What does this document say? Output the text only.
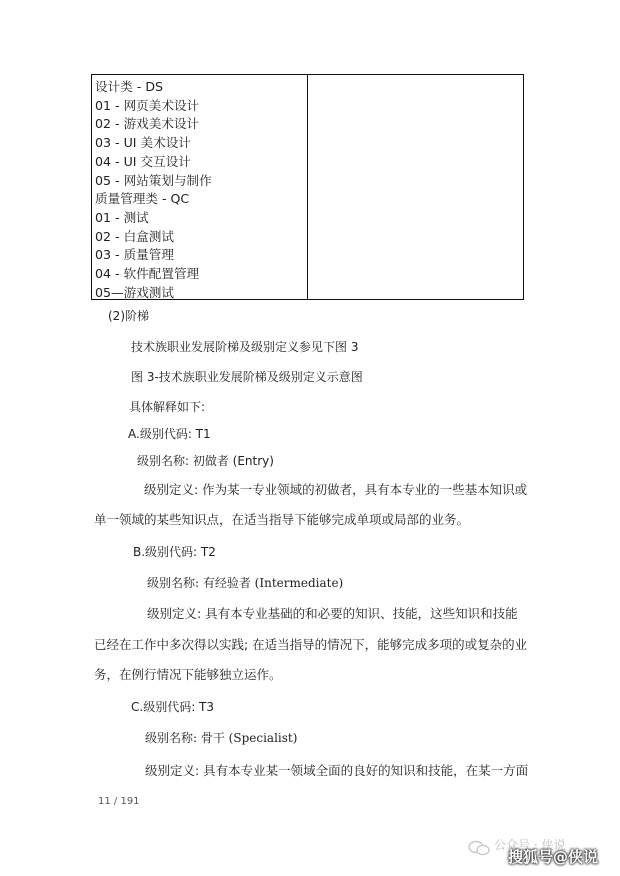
设计类 - DS
01 - 网页美术设计
02 - 游戏美术设计
03 - UI 美术设计
04 - UI 交互设计
05 - 网站策划与制作
质量管理类 - QC
01 - 测试
02 - 白盒测试
03 - 质量管理
04 - 软件配置管理
05—游戏测试
(2)阶梯
技术族职业发展阶梯及级别定义参见下图 3
图 3-技术族职业发展阶梯及级别定义示意图
具体解释如下:
A.级别代码: T1
级别名称: 初做者 (Entry)
级别定义: 作为某一专业领域的初做者，具有本专业的一些基本知识或
单一领域的某些知识点，在适当指导下能够完成单项或局部的业务。
B.级别代码: T2
级别名称: 有经验者 (Intermediate)
级别定义: 具有本专业基础的和必要的知识、技能，这些知识和技能
已经在工作中多次得以实践; 在适当指导的情况下，能够完成多项的或复杂的业
务，在例行情况下能够独立运作。
C.级别代码: T3
级别名称: 骨干 (Specialist)
级别定义: 具有本专业某一领域全面的良好的知识和技能，在某一方面
11 / 191
公众号 · 侠说
搜狐号@侠说
